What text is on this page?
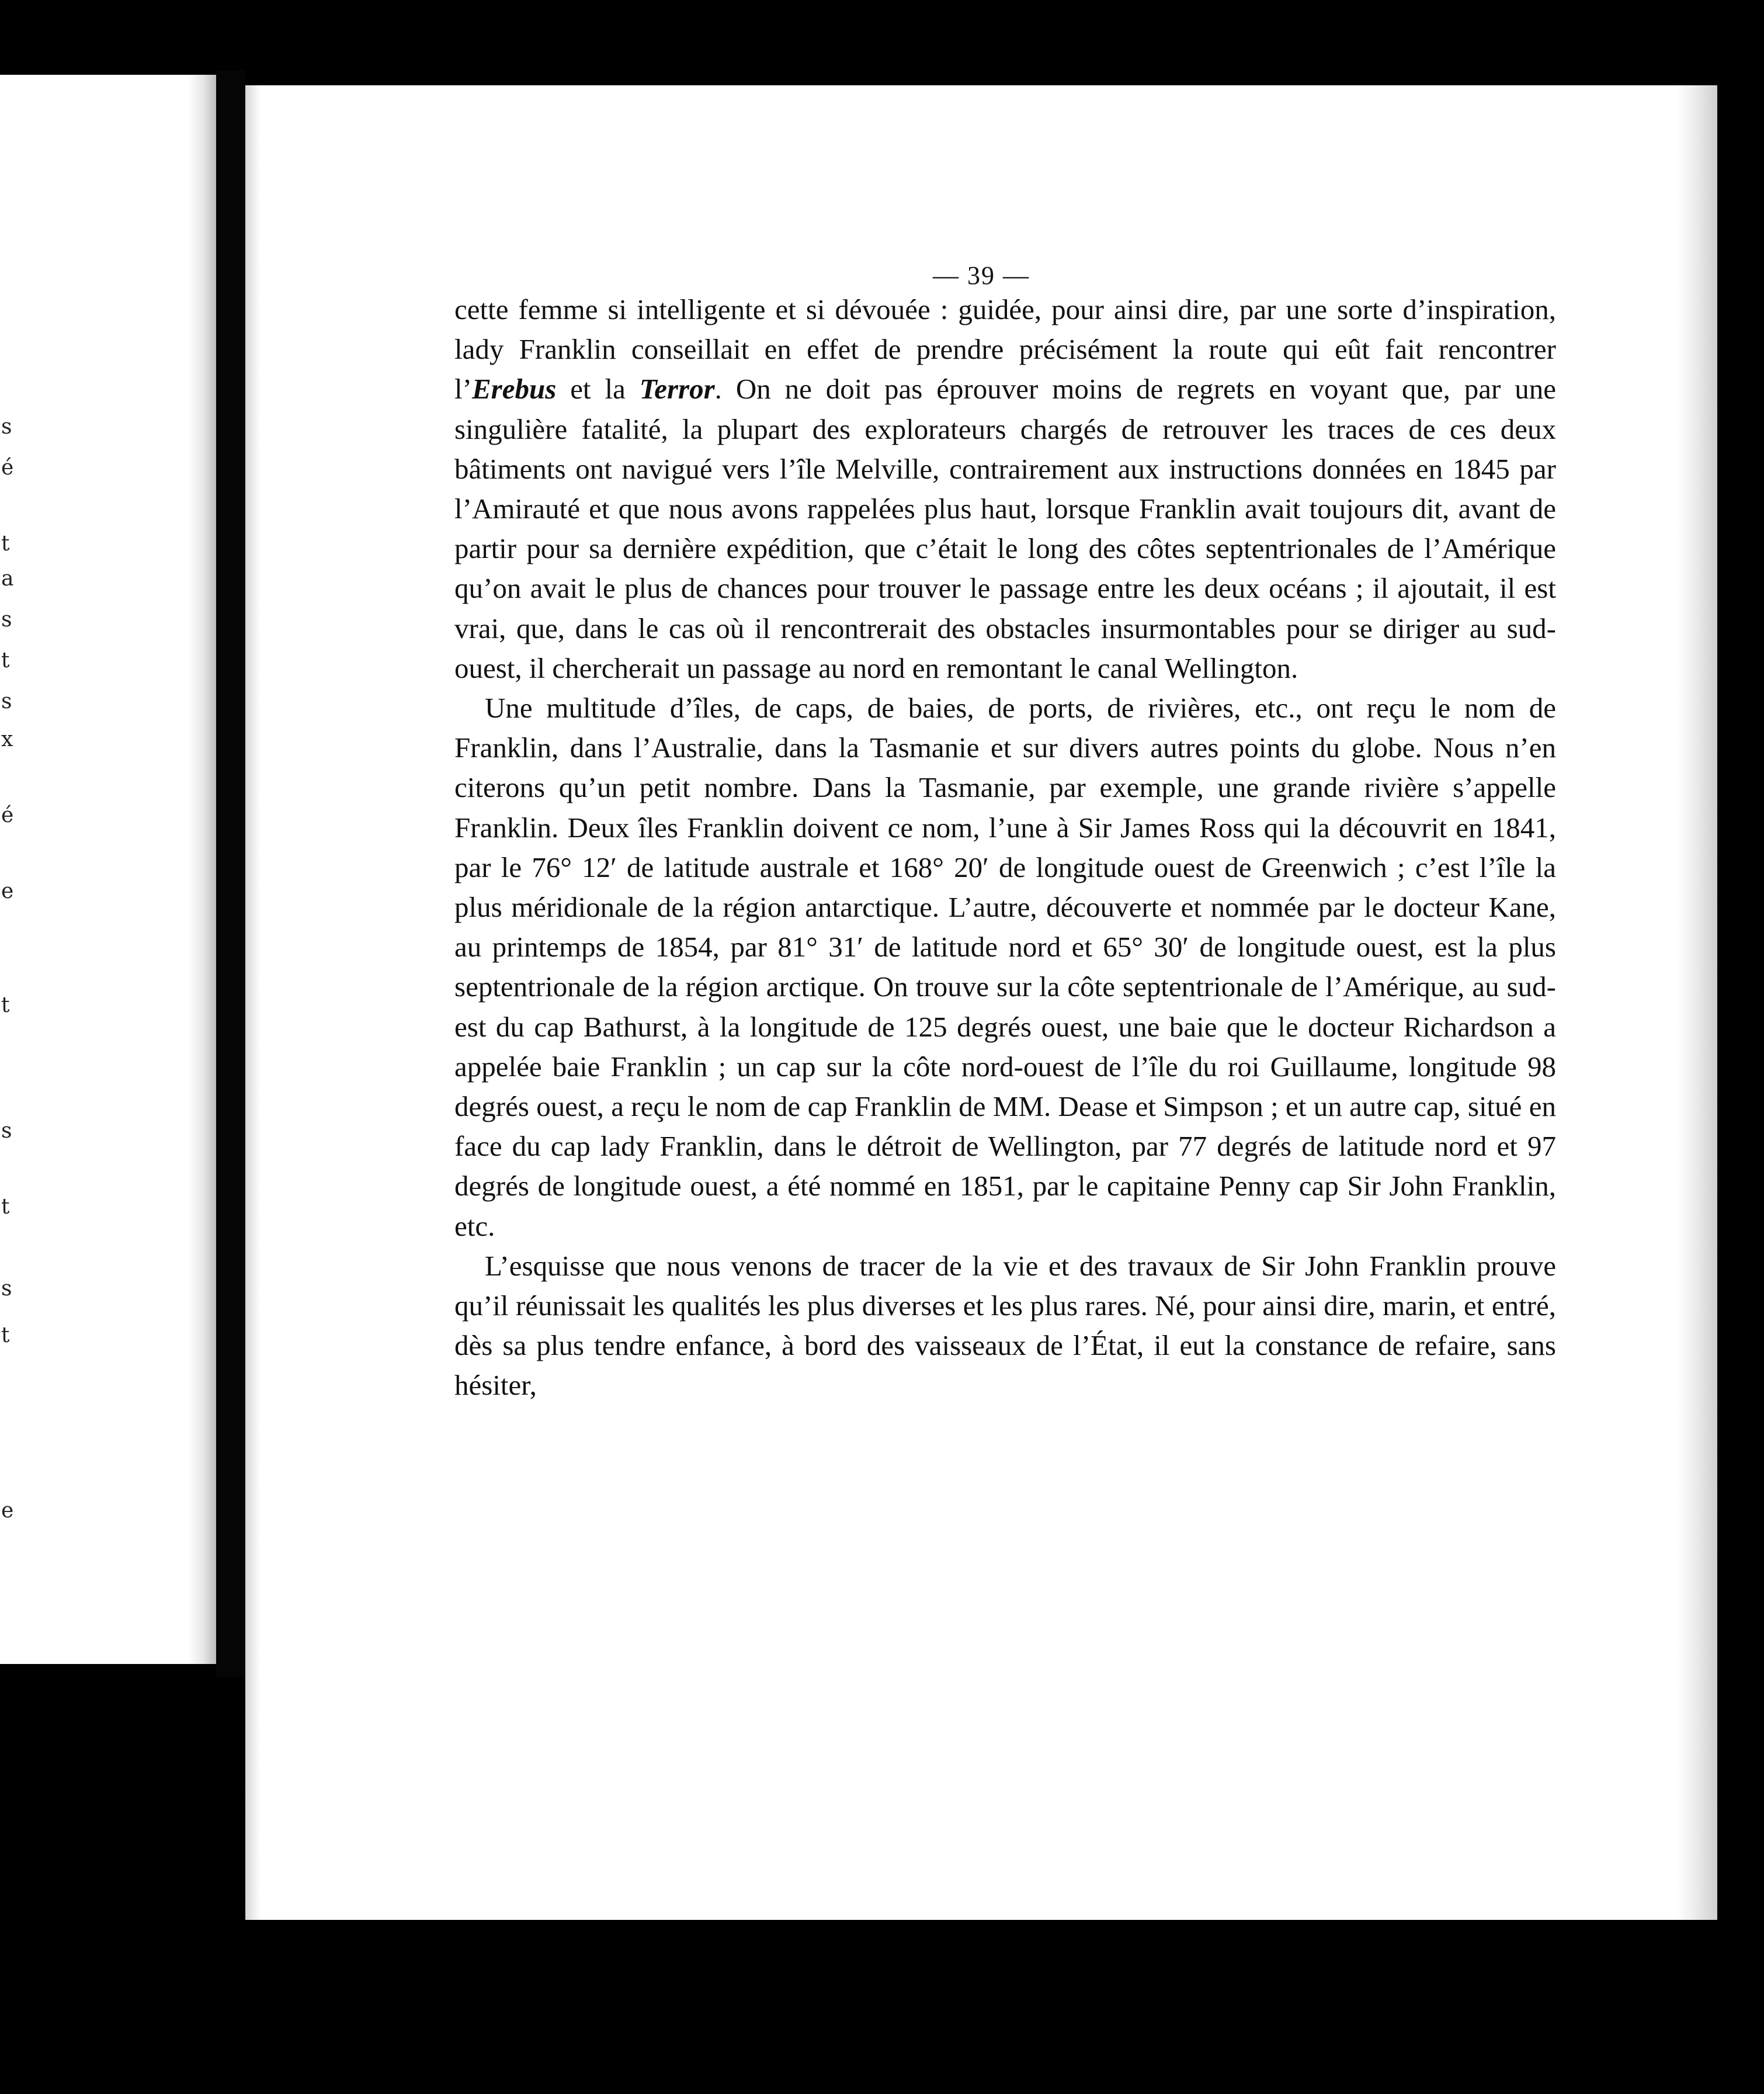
s
é
t
a
s
t
s
x
é
e
t
s
t
s
t
e
— 39 —

cette femme si intelligente et si dévouée : guidée, pour ainsi dire, par une sorte d’inspiration, lady Franklin conseillait en effet de prendre précisément la route qui eût fait rencontrer l’Erebus et la Terror. On ne doit pas éprouver moins de regrets en voyant que, par une singulière fatalité, la plupart des explorateurs chargés de retrouver les traces de ces deux bâtiments ont navigué vers l’île Melville, contrairement aux instructions données en 1845 par l’Amirauté et que nous avons rappelées plus haut, lorsque Franklin avait toujours dit, avant de partir pour sa dernière expédition, que c’était le long des côtes septentrionales de l’Amérique qu’on avait le plus de chances pour trouver le passage entre les deux océans ; il ajoutait, il est vrai, que, dans le cas où il rencontrerait des obstacles insurmontables pour se diriger au sud-ouest, il chercherait un passage au nord en remontant le canal Wellington.

Une multitude d’îles, de caps, de baies, de ports, de rivières, etc., ont reçu le nom de Franklin, dans l’Australie, dans la Tasmanie et sur divers autres points du globe. Nous n’en citerons qu’un petit nombre. Dans la Tasmanie, par exemple, une grande rivière s’appelle Franklin. Deux îles Franklin doivent ce nom, l’une à Sir James Ross qui la découvrit en 1841, par le 76° 12′ de latitude australe et 168° 20′ de longitude ouest de Greenwich ; c’est l’île la plus méridionale de la région antarctique. L’autre, découverte et nommée par le docteur Kane, au printemps de 1854, par 81° 31′ de latitude nord et 65° 30′ de longitude ouest, est la plus septentrionale de la région arctique. On trouve sur la côte septentrionale de l’Amérique, au sud-est du cap Bathurst, à la longitude de 125 degrés ouest, une baie que le docteur Richardson a appelée baie Franklin ; un cap sur la côte nord-ouest de l’île du roi Guillaume, longitude 98 degrés ouest, a reçu le nom de cap Franklin de MM. Dease et Simpson ; et un autre cap, situé en face du cap lady Franklin, dans le détroit de Wellington, par 77 degrés de latitude nord et 97 degrés de longitude ouest, a été nommé en 1851, par le capitaine Penny cap Sir John Franklin, etc.

L’esquisse que nous venons de tracer de la vie et des travaux de Sir John Franklin prouve qu’il réunissait les qualités les plus diverses et les plus rares. Né, pour ainsi dire, marin, et entré, dès sa plus tendre enfance, à bord des vaisseaux de l’État, il eut la constance de refaire, sans hésiter,
